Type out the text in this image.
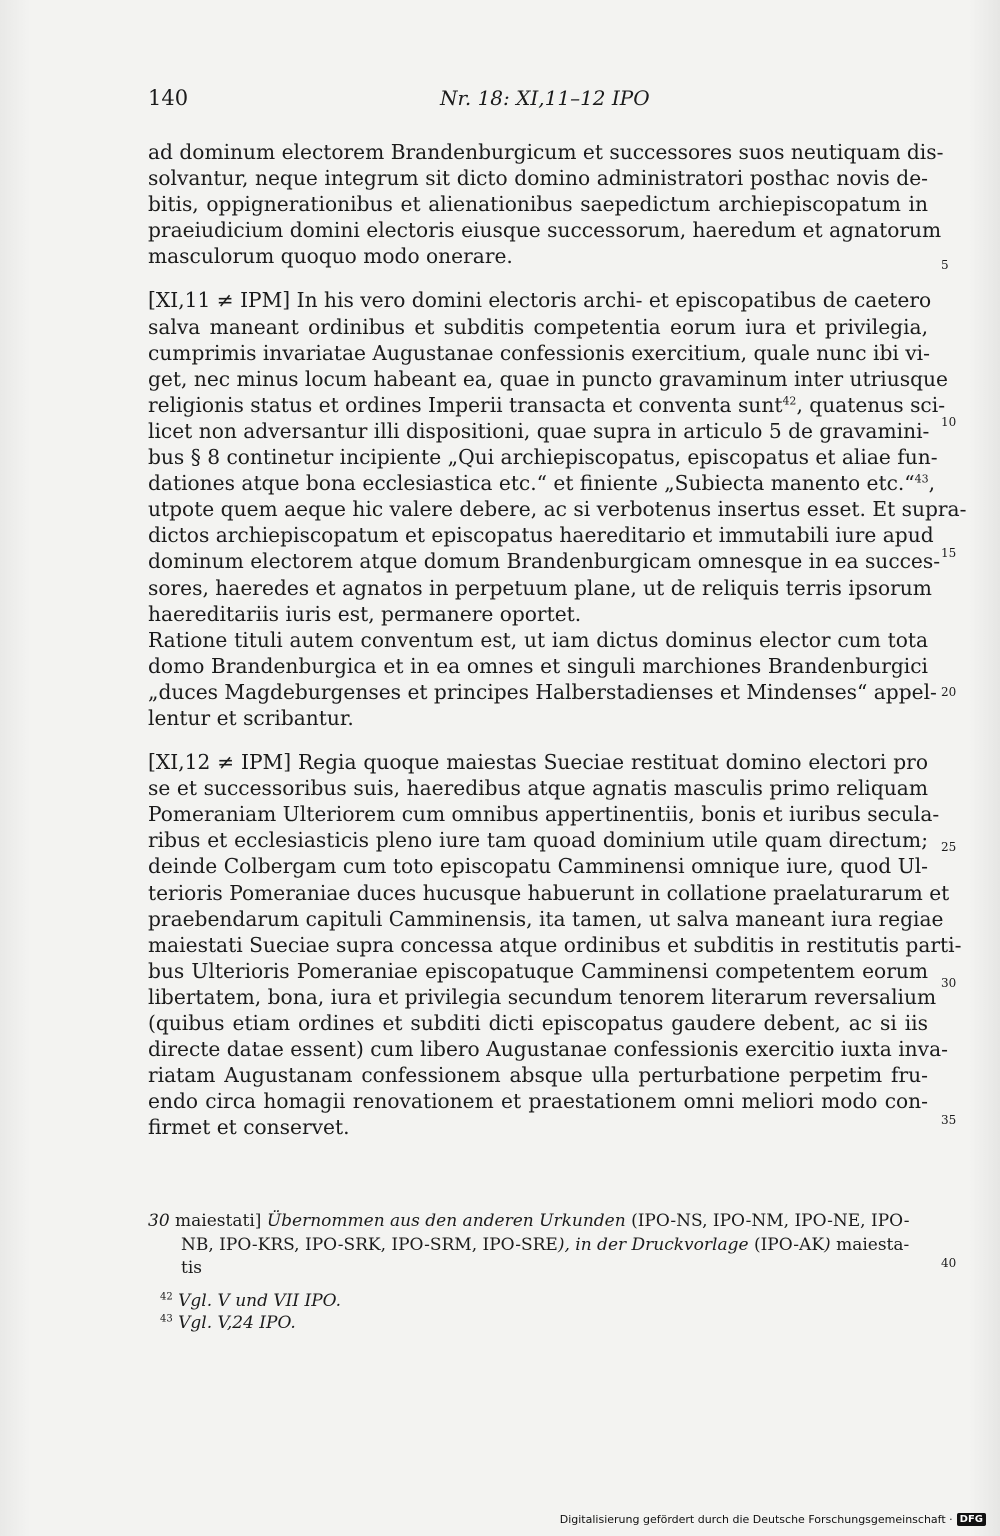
140	Nr. 18: XI,11–12 IPO
ad dominum electorem Brandenburgicum et successores suos neutiquam dis-
solvantur, neque integrum sit dicto domino administratori posthac novis de-
bitis, oppignerationibus et alienationibus saepedictum archiepiscopatum in
praeiudicium domini electoris eiusque successorum, haeredum et agnatorum
masculorum quoquo modo onerare.
[XI,11 ≠ IPM] In his vero domini electoris archi- et episcopatibus de caetero
salva maneant ordinibus et subditis competentia eorum iura et privilegia,
cumprimis invariatae Augustanae confessionis exercitium, quale nunc ibi vi-
get, nec minus locum habeant ea, quae in puncto gravaminum inter utriusque
religionis status et ordines Imperii transacta et conventa sunt$^{42}$, quatenus sci-
licet non adversantur illi dispositioni, quae supra in articulo 5 de gravamini-
bus § 8 continetur incipiente „Qui archiepiscopatus, episcopatus et aliae fun-
dationes atque bona ecclesiastica etc.“ et finiente „Subiecta manento etc.“$^{43}$,
utpote quem aeque hic valere debere, ac si verbotenus insertus esset. Et supra-
dictos archiepiscopatum et episcopatus haereditario et immutabili iure apud
dominum electorem atque domum Brandenburgicam omnesque in ea succes-
sores, haeredes et agnatos in perpetuum plane, ut de reliquis terris ipsorum
haereditariis iuris est, permanere oportet.
Ratione tituli autem conventum est, ut iam dictus dominus elector cum tota
domo Brandenburgica et in ea omnes et singuli marchiones Brandenburgici
„duces Magdeburgenses et principes Halberstadienses et Mindenses“ appel-
lentur et scribantur.
[XI,12 ≠ IPM] Regia quoque maiestas Sueciae restituat domino electori pro
se et successoribus suis, haeredibus atque agnatis masculis primo reliquam
Pomeraniam Ulteriorem cum omnibus appertinentiis, bonis et iuribus secula-
ribus et ecclesiasticis pleno iure tam quoad dominium utile quam directum;
deinde Colbergam cum toto episcopatu Camminensi omnique iure, quod Ul-
terioris Pomeraniae duces hucusque habuerunt in collatione praelaturarum et
praebendarum capituli Camminensis, ita tamen, ut salva maneant iura regiae
maiestati Sueciae supra concessa atque ordinibus et subditis in restitutis parti-
bus Ulterioris Pomeraniae episcopatuque Camminensi competentem eorum
libertatem, bona, iura et privilegia secundum tenorem literarum reversalium
(quibus etiam ordines et subditi dicti episcopatus gaudere debent, ac si iis
directe datae essent) cum libero Augustanae confessionis exercitio iuxta inva-
riatam Augustanam confessionem absque ulla perturbatione perpetim fru-
endo circa homagii renovationem et praestationem omni meliori modo con-
firmet et conservet.
5
10
15
20
25
30
35
40
30 maiestati] Übernommen aus den anderen Urkunden (IPO-NS, IPO-NM, IPO-NE, IPO-
NB, IPO-KRS, IPO-SRK, IPO-SRM, IPO-SRE), in der Druckvorlage (IPO-AK) maiesta-
tis
$^{42}$ Vgl. V und VII IPO.
$^{43}$ Vgl. V,24 IPO.
Digitalisierung gefördert durch die Deutsche Forschungsgemeinschaft · DFG
